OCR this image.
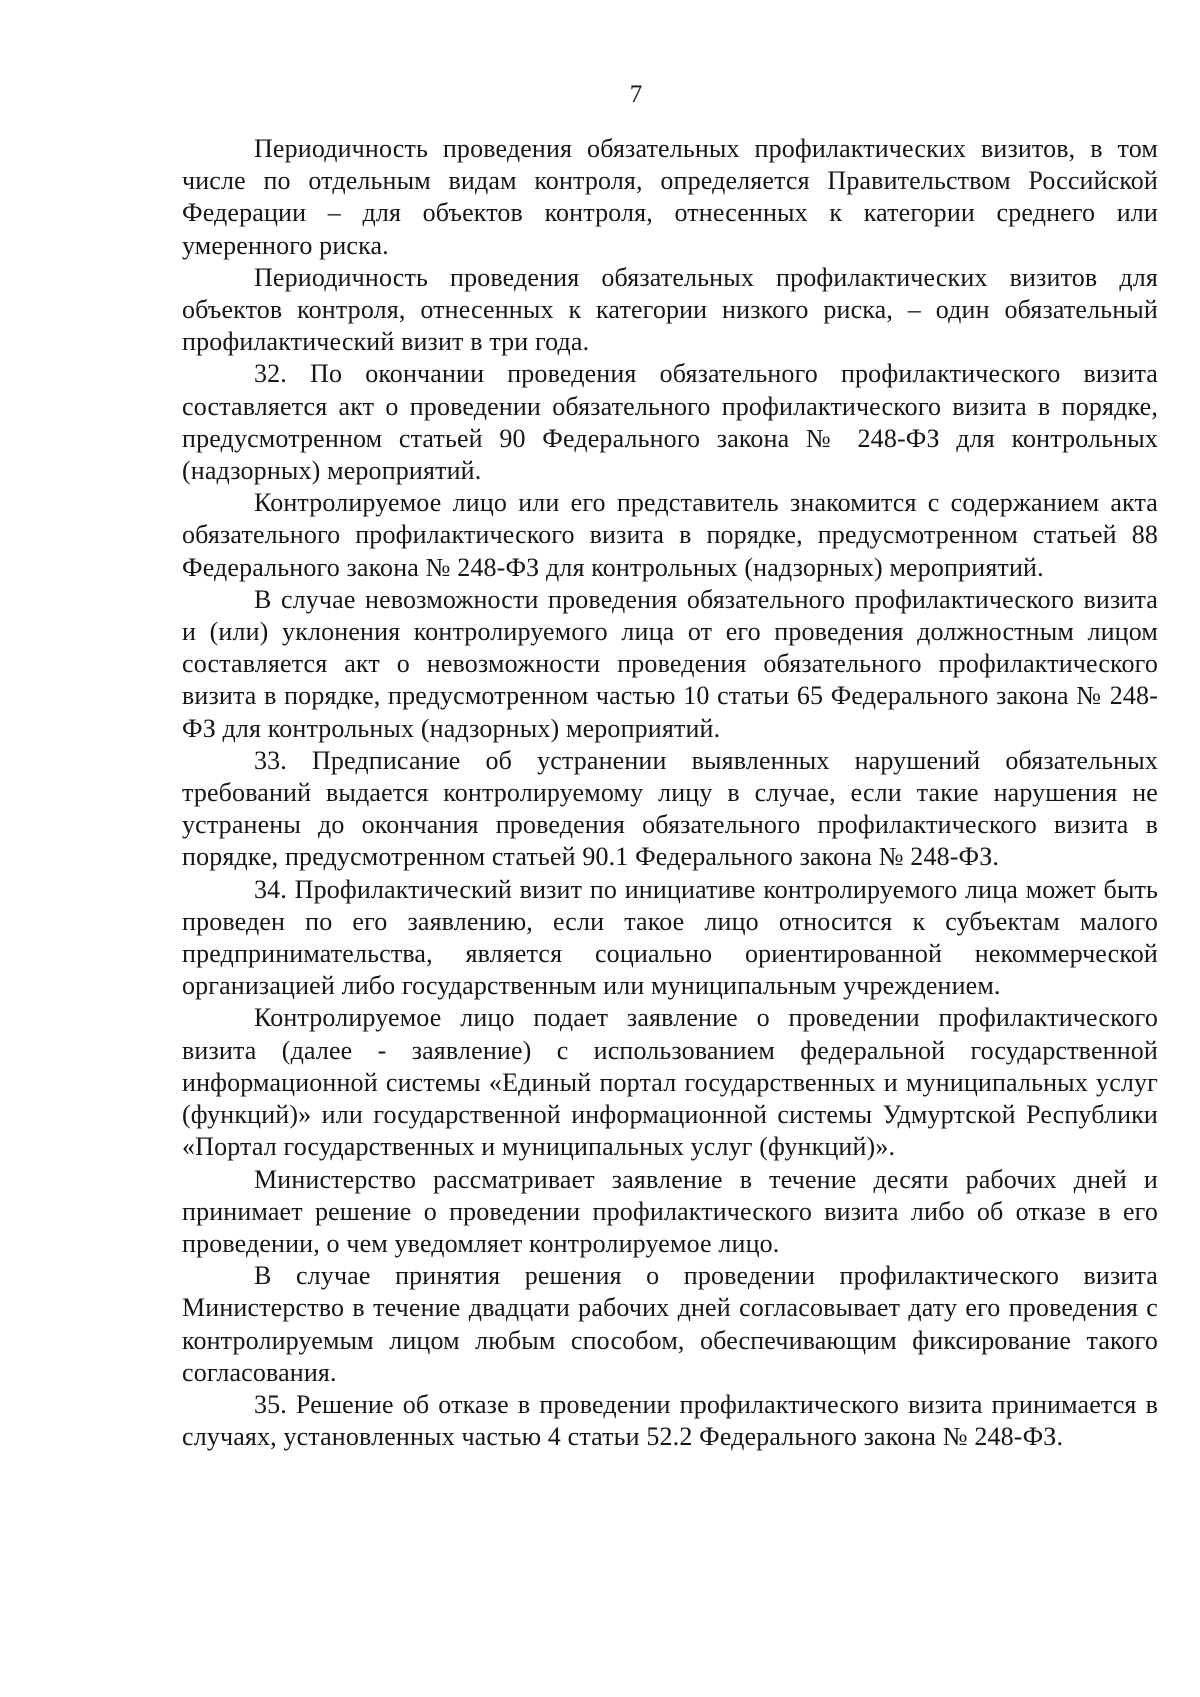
7

Периодичность проведения обязательных профилактических визитов, в том числе по отдельным видам контроля, определяется Правительством Российской Федерации – для объектов контроля, отнесенных к категории среднего или умеренного риска.

Периодичность проведения обязательных профилактических визитов для объектов контроля, отнесенных к категории низкого риска, – один обязательный профилактический визит в три года.

32. По окончании проведения обязательного профилактического визита составляется акт о проведении обязательного профилактического визита в порядке, предусмотренном статьей 90 Федерального закона № 248-ФЗ для контрольных (надзорных) мероприятий.

Контролируемое лицо или его представитель знакомится с содержанием акта обязательного профилактического визита в порядке, предусмотренном статьей 88 Федерального закона № 248-ФЗ для контрольных (надзорных) мероприятий.

В случае невозможности проведения обязательного профилактического визита и (или) уклонения контролируемого лица от его проведения должностным лицом составляется акт о невозможности проведения обязательного профилактического визита в порядке, предусмотренном частью 10 статьи 65 Федерального закона № 248-ФЗ для контрольных (надзорных) мероприятий.

33. Предписание об устранении выявленных нарушений обязательных требований выдается контролируемому лицу в случае, если такие нарушения не устранены до окончания проведения обязательного профилактического визита в порядке, предусмотренном статьей 90.1 Федерального закона № 248-ФЗ.

34. Профилактический визит по инициативе контролируемого лица может быть проведен по его заявлению, если такое лицо относится к субъектам малого предпринимательства, является социально ориентированной некоммерческой организацией либо государственным или муниципальным учреждением.

Контролируемое лицо подает заявление о проведении профилактического визита (далее - заявление) с использованием федеральной государственной информационной системы «Единый портал государственных и муниципальных услуг (функций)» или государственной информационной системы Удмуртской Республики «Портал государственных и муниципальных услуг (функций)».

Министерство рассматривает заявление в течение десяти рабочих дней и принимает решение о проведении профилактического визита либо об отказе в его проведении, о чем уведомляет контролируемое лицо.

В случае принятия решения о проведении профилактического визита Министерство в течение двадцати рабочих дней согласовывает дату его проведения с контролируемым лицом любым способом, обеспечивающим фиксирование такого согласования.

35. Решение об отказе в проведении профилактического визита принимается в случаях, установленных частью 4 статьи 52.2 Федерального закона № 248-ФЗ.
